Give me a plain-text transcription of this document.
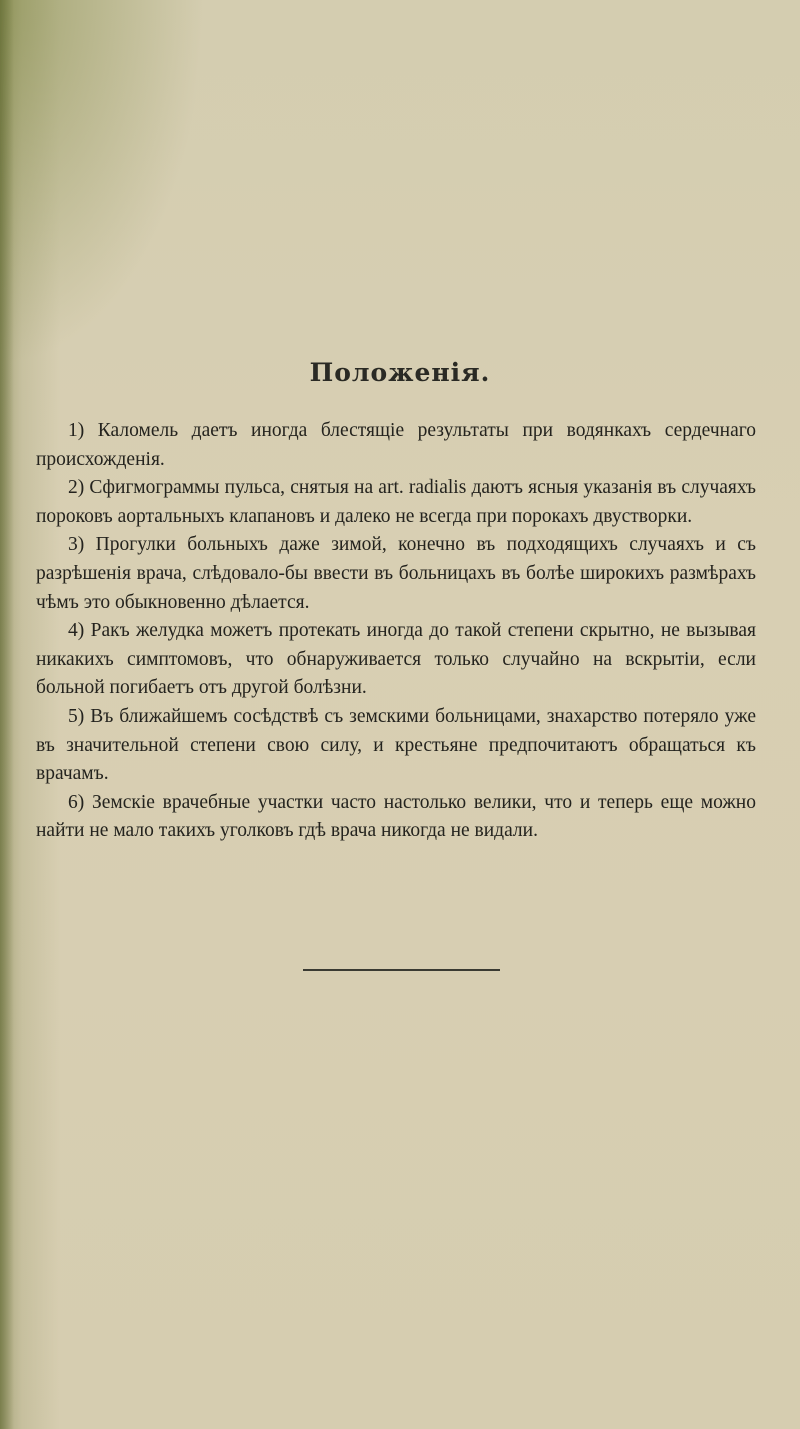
Положенія.

1) Каломель даетъ иногда блестящіе результаты при водянкахъ сердечнаго происхожденія.

2) Сфигмограммы пульса, снятыя на art. radialis даютъ ясныя указанія въ случаяхъ пороковъ аортальныхъ клапановъ и далеко не всегда при порокахъ двустворки.

3) Прогулки больныхъ даже зимой, конечно въ подходящихъ случаяхъ и съ разрѣшенія врача, слѣдовало-бы ввести въ больницахъ въ болѣе широкихъ размѣрахъ чѣмъ это обыкновенно дѣлается.

4) Ракъ желудка можетъ протекать иногда до такой степени скрытно, не вызывая никакихъ симптомовъ, что обнаруживается только случайно на вскрытіи, если больной погибаетъ отъ другой болѣзни.

5) Въ ближайшемъ сосѣдствѣ съ земскими больницами, знахарство потеряло уже въ значительной степени свою силу, и крестьяне предпочитаютъ обращаться къ врачамъ.

6) Земскіе врачебные участки часто настолько велики, что и теперь еще можно найти не мало такихъ уголковъ гдѣ врача никогда не видали.
